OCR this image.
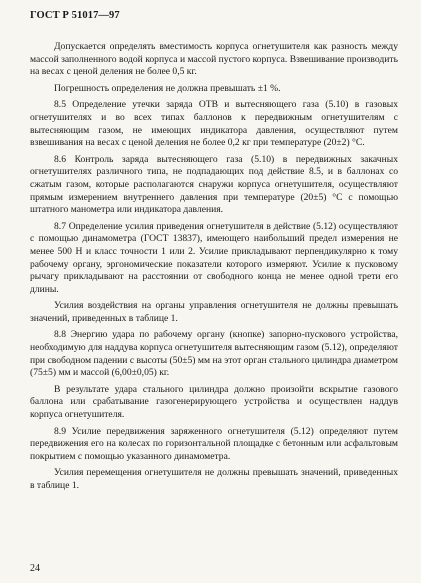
ГОСТ Р 51017—97

Допускается определять вместимость корпуса огнетушителя как разность между массой заполненного водой корпуса и массой пустого корпуса. Взвешивание производить на весах с ценой деления не более 0,5 кг.

Погрешность определения не должна превышать ±1 %.

8.5 Определение утечки заряда ОТВ и вытесняющего газа (5.10) в газовых огнетушителях и во всех типах баллонов к передвижным огнетушителям с вытесняющим газом, не имеющих индикатора давления, осуществляют путем взвешивания на весах с ценой деления не более 0,2 кг при температуре (20±2) °С.

8.6 Контроль заряда вытесняющего газа (5.10) в передвижных закачных огнетушителях различного типа, не подпадающих под действие 8.5, и в баллонах со сжатым газом, которые располагаются снаружи корпуса огнетушителя, осуществляют прямым измерением внутреннего давления при температуре (20±5) °С с помощью штатного манометра или индикатора давления.

8.7 Определение усилия приведения огнетушителя в действие (5.12) осуществляют с помощью динамометра (ГОСТ 13837), имеющего наибольший предел измерения не менее 500 Н и класс точности 1 или 2. Усилие прикладывают перпендикулярно к тому рабочему органу, эргономические показатели которого измеряют. Усилие к пусковому рычагу прикладывают на расстоянии от свободного конца не менее одной трети его длины.

Усилия воздействия на органы управления огнетушителя не должны превышать значений, приведенных в таблице 1.

8.8 Энергию удара по рабочему органу (кнопке) запорно-пускового устройства, необходимую для наддува корпуса огнетушителя вытесняющим газом (5.12), определяют при свободном падении с высоты (50±5) мм на этот орган стального цилиндра диаметром (75±5) мм и массой (6,00±0,05) кг.

В результате удара стального цилиндра должно произойти вскрытие газового баллона или срабатывание газогенерирующего устройства и осуществлен наддув корпуса огнетушителя.

8.9 Усилие передвижения заряженного огнетушителя (5.12) определяют путем передвижения его на колесах по горизонтальной площадке с бетонным или асфальтовым покрытием с помощью указанного динамометра.

Усилия перемещения огнетушителя не должны превышать значений, приведенных в таблице 1.

24
